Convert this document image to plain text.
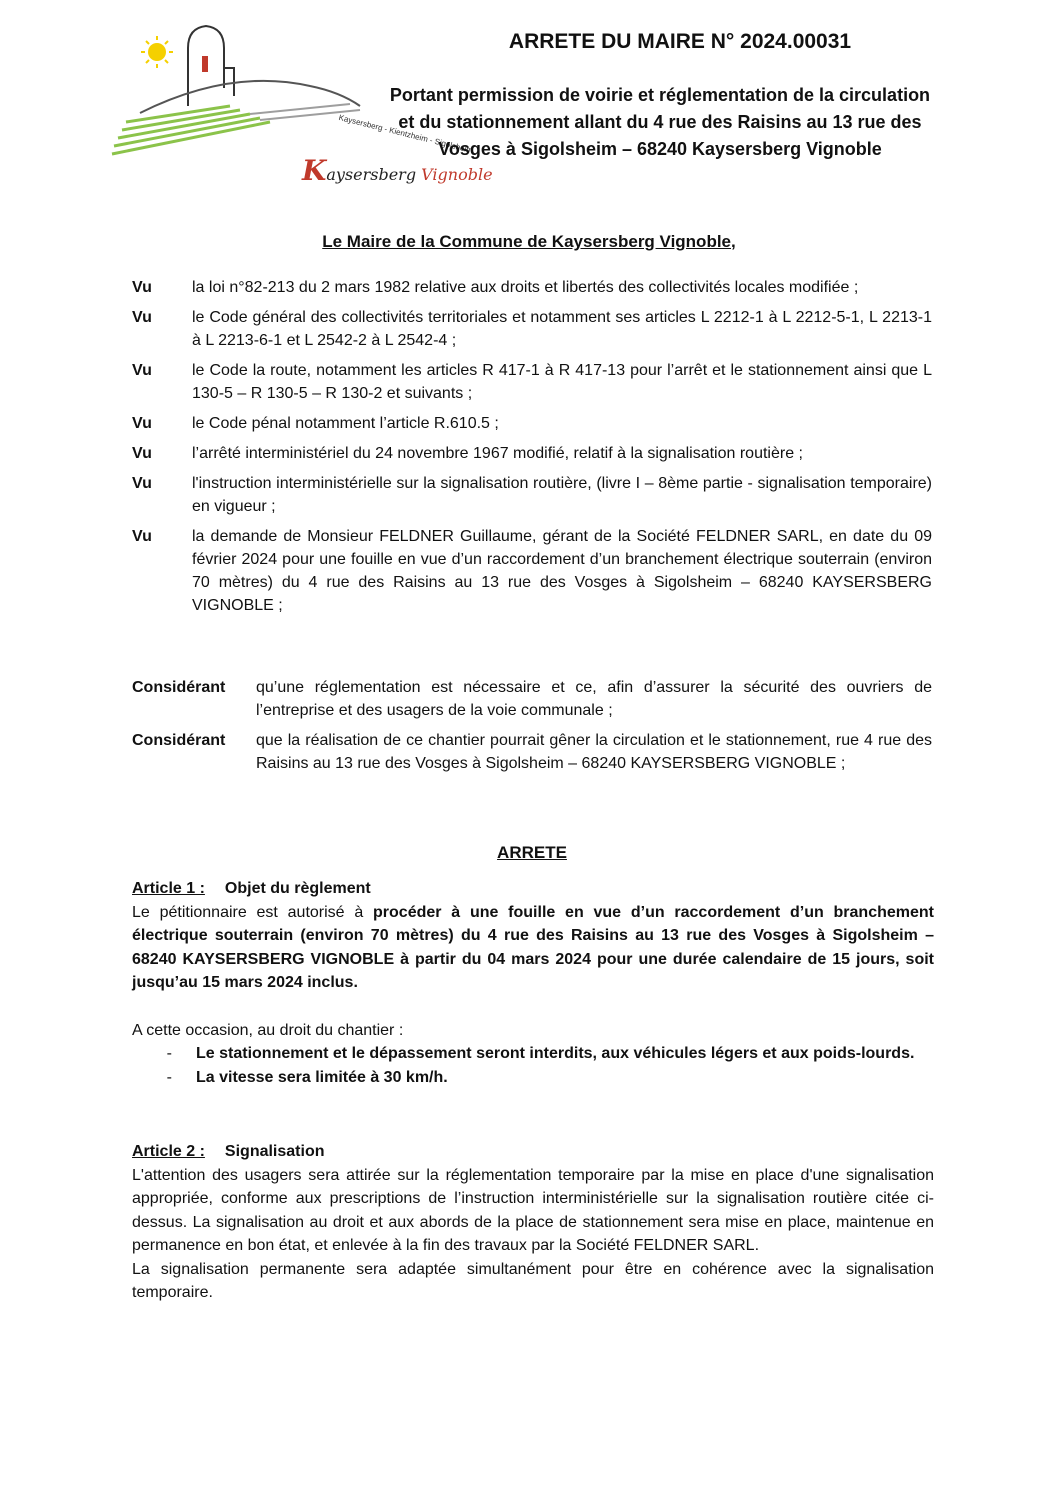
Kaysersberg - Kientzheim - Sigolsheim
Kaysersberg Vignoble
ARRETE DU MAIRE N° 2024.00031
Portant permission de voirie et réglementation de la circulation et du stationnement allant du 4 rue des Raisins au 13 rue des Vosges à Sigolsheim – 68240 Kaysersberg Vignoble
Le Maire de la Commune de Kaysersberg Vignoble,
Vu	la loi n°82-213 du 2 mars 1982 relative aux droits et libertés des collectivités locales modifiée ;
Vu	le Code général des collectivités territoriales et notamment ses articles L 2212-1 à L 2212-5-1, L 2213-1 à L 2213-6-1 et L 2542-2 à L 2542-4 ;
Vu	le Code la route, notamment les articles R 417-1 à R 417-13 pour l’arrêt et le stationnement ainsi que L 130-5 – R 130-5 – R 130-2 et suivants ;
Vu	le Code pénal notamment l’article R.610.5 ;
Vu	l’arrêté interministériel du 24 novembre 1967 modifié, relatif à la signalisation routière ;
Vu	l'instruction interministérielle sur la signalisation routière, (livre I – 8ème partie - signalisation temporaire) en vigueur ;
Vu	la demande de Monsieur FELDNER Guillaume, gérant de la Société FELDNER SARL, en date du 09 février 2024 pour une fouille en vue d’un raccordement d’un branchement électrique souterrain (environ 70 mètres) du 4 rue des Raisins au 13 rue des Vosges à Sigolsheim – 68240 KAYSERSBERG VIGNOBLE ;
Considérant	qu’une réglementation est nécessaire et ce, afin d’assurer la sécurité des ouvriers de l’entreprise et des usagers de la voie communale ;
Considérant	que la réalisation de ce chantier pourrait gêner la circulation et le stationnement, rue 4 rue des Raisins au 13 rue des Vosges à Sigolsheim – 68240 KAYSERSBERG VIGNOBLE ;
ARRETE
Article 1 : Objet du règlement
Le pétitionnaire est autorisé à procéder à une fouille en vue d’un raccordement d’un branchement électrique souterrain (environ 70 mètres) du 4 rue des Raisins au 13 rue des Vosges à Sigolsheim – 68240 KAYSERSBERG VIGNOBLE à partir du 04 mars 2024 pour une durée calendaire de 15 jours, soit jusqu’au 15 mars 2024 inclus.
A cette occasion, au droit du chantier :
-	Le stationnement et le dépassement seront interdits, aux véhicules légers et aux poids-lourds.
-	La vitesse sera limitée à 30 km/h.
Article 2 : Signalisation
L'attention des usagers sera attirée sur la réglementation temporaire par la mise en place d'une signalisation appropriée, conforme aux prescriptions de l’instruction interministérielle sur la signalisation routière citée ci-dessus. La signalisation au droit et aux abords de la place de stationnement sera mise en place, maintenue en permanence en bon état, et enlevée à la fin des travaux par la Société FELDNER SARL.
La signalisation permanente sera adaptée simultanément pour être en cohérence avec la signalisation temporaire.
